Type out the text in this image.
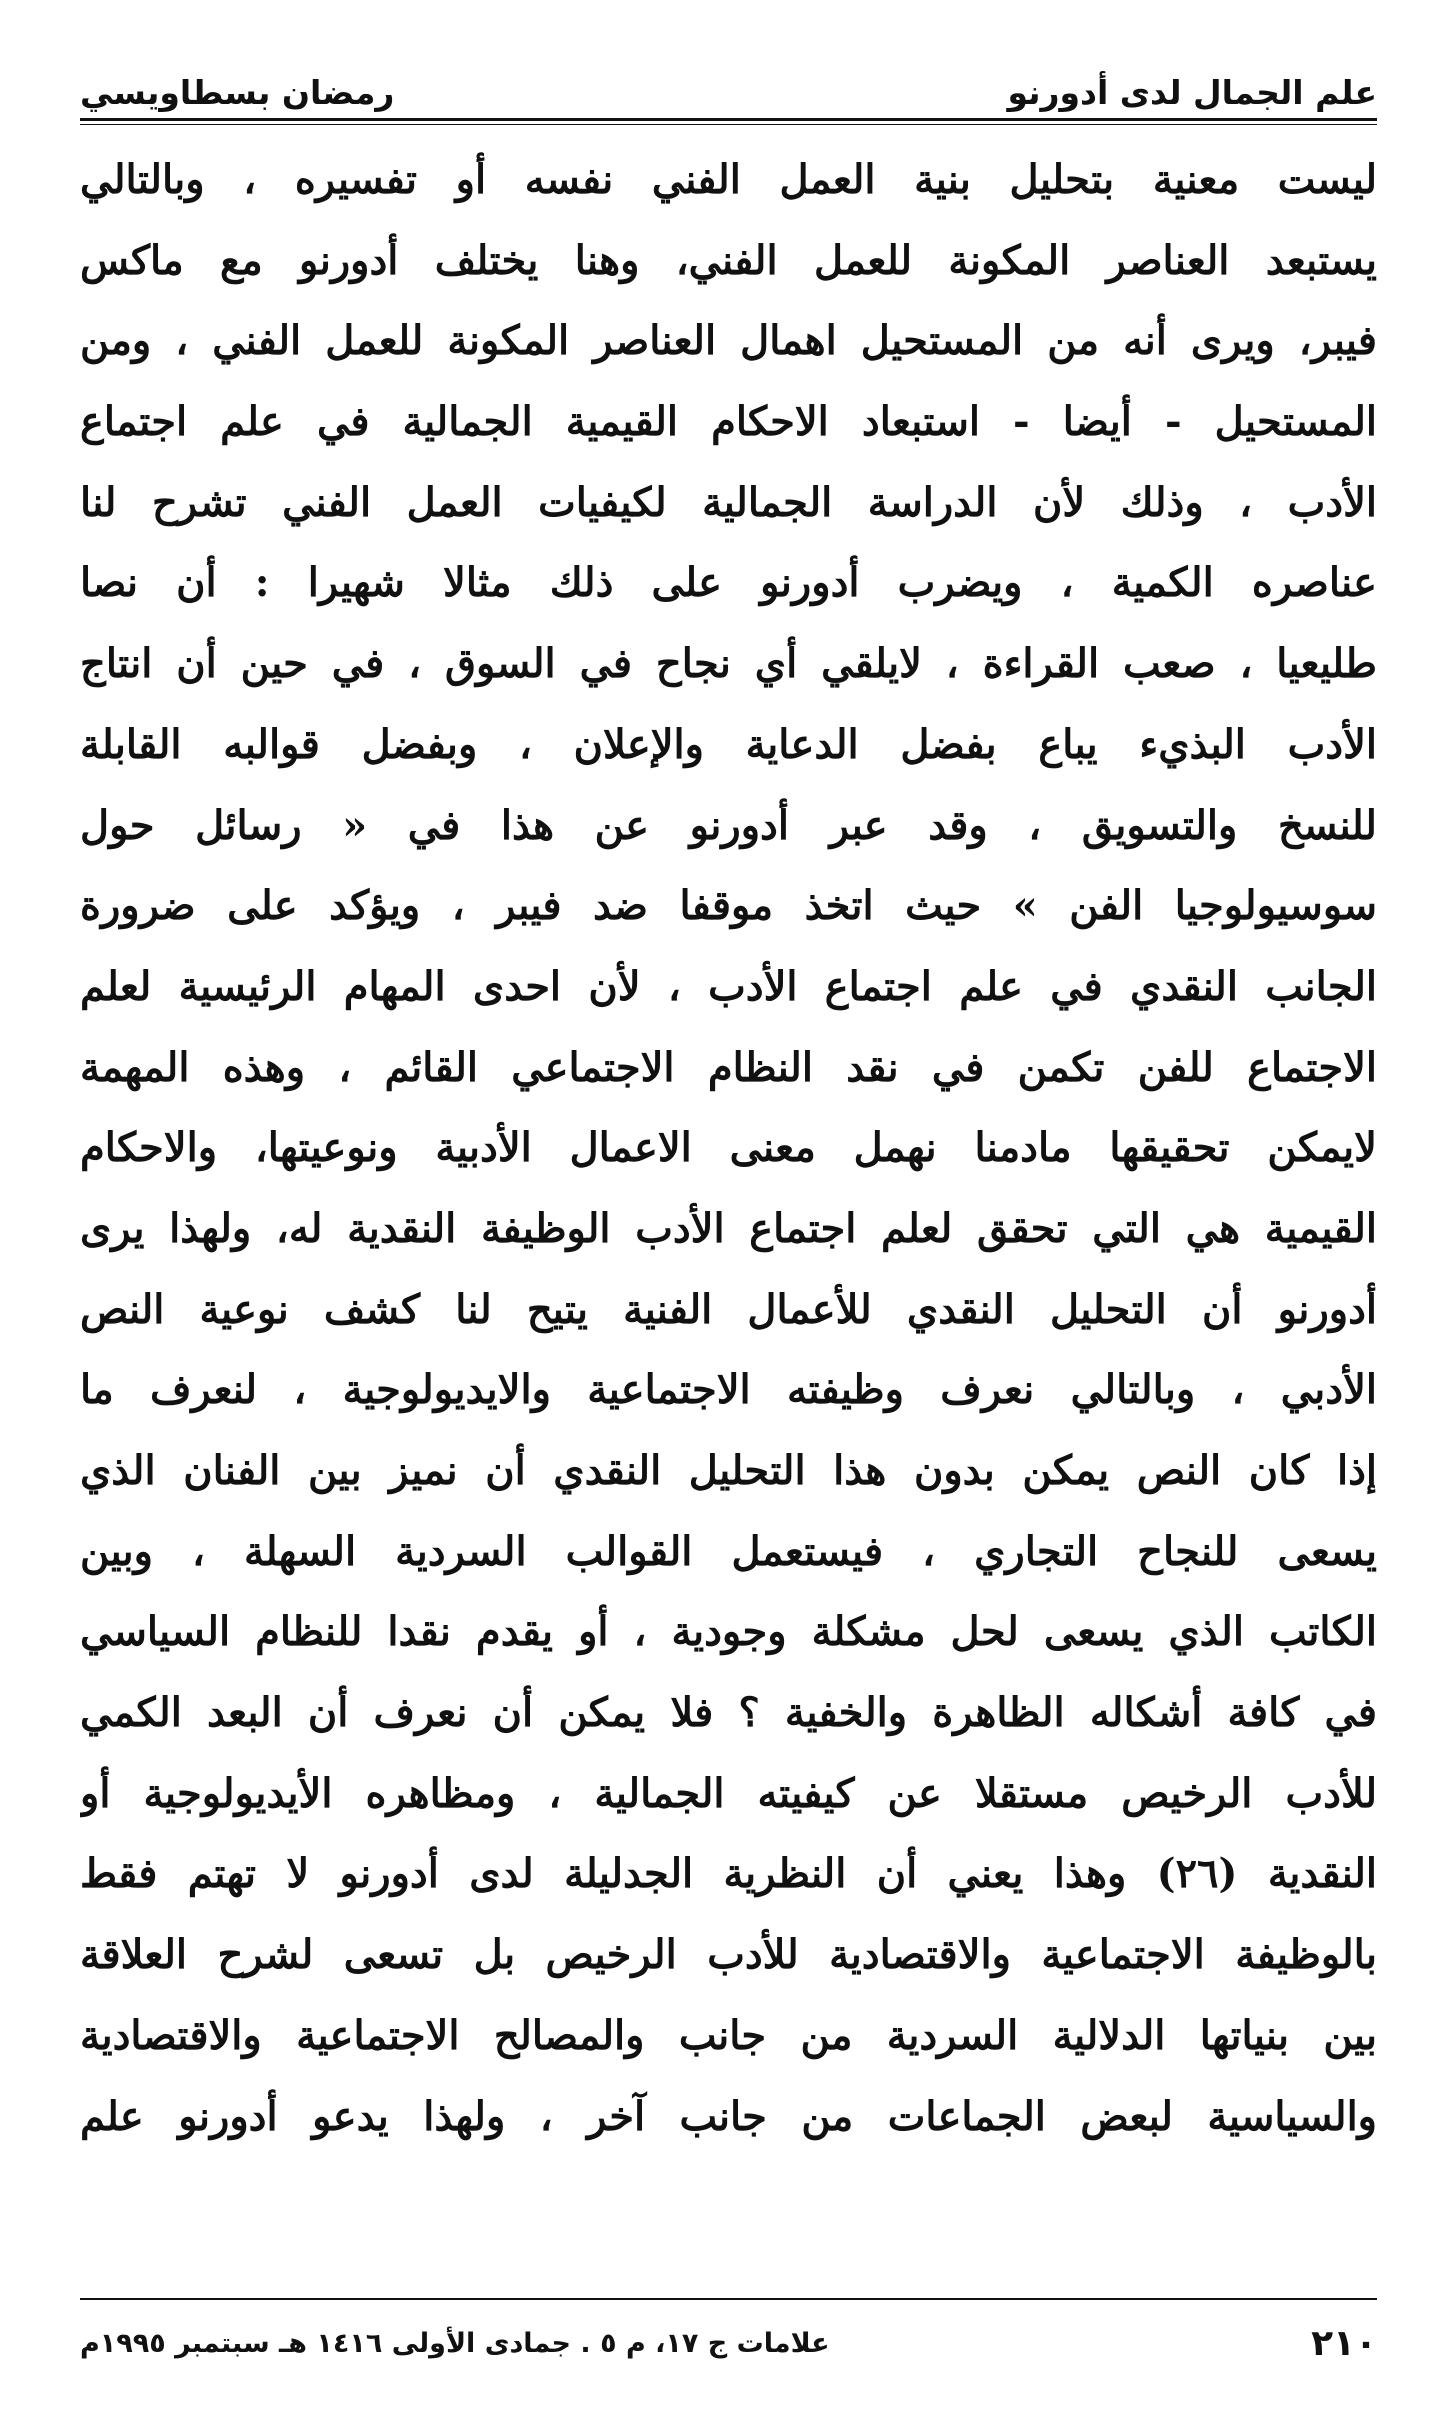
علم الجمال لدى أدورنو
رمضان بسطاويسي
ليست معنية بتحليل بنية العمل الفني نفسه أو تفسيره ، وبالتالي
يستبعد العناصر المكونة للعمل الفني، وهنا يختلف أدورنو مع ماكس
فيبر، ويرى أنه من المستحيل اهمال العناصر المكونة للعمل الفني ، ومن
المستحيل - أيضا - استبعاد الاحكام القيمية الجمالية في علم اجتماع
الأدب ، وذلك لأن الدراسة الجمالية لكيفيات العمل الفني تشرح لنا
عناصره الكمية ، ويضرب أدورنو على ذلك مثالا شهيرا : أن نصا
طليعيا ، صعب القراءة ، لايلقي أي نجاح في السوق ، في حين أن انتاج
الأدب البذيء يباع بفضل الدعاية والإعلان ، وبفضل قوالبه القابلة
للنسخ والتسويق ، وقد عبر أدورنو عن هذا في « رسائل حول
سوسيولوجيا الفن » حيث اتخذ موقفا ضد فيبر ، ويؤكد على ضرورة
الجانب النقدي في علم اجتماع الأدب ، لأن احدى المهام الرئيسية لعلم
الاجتماع للفن تكمن في نقد النظام الاجتماعي القائم ، وهذه المهمة
لايمكن تحقيقها مادمنا نهمل معنى الاعمال الأدبية ونوعيتها، والاحكام
القيمية هي التي تحقق لعلم اجتماع الأدب الوظيفة النقدية له، ولهذا يرى
أدورنو أن التحليل النقدي للأعمال الفنية يتيح لنا كشف نوعية النص
الأدبي ، وبالتالي نعرف وظيفته الاجتماعية والايديولوجية ، لنعرف ما
إذا كان النص يمكن بدون هذا التحليل النقدي أن نميز بين الفنان الذي
يسعى للنجاح التجاري ، فيستعمل القوالب السردية السهلة ، وبين
الكاتب الذي يسعى لحل مشكلة وجودية ، أو يقدم نقدا للنظام السياسي
في كافة أشكاله الظاهرة والخفية ؟ فلا يمكن أن نعرف أن البعد الكمي
للأدب الرخيص مستقلا عن كيفيته الجمالية ، ومظاهره الأيديولوجية أو
النقدية (٢٦) وهذا يعني أن النظرية الجدليلة لدى أدورنو لا تهتم فقط
بالوظيفة الاجتماعية والاقتصادية للأدب الرخيص بل تسعى لشرح العلاقة
بين بنياتها الدلالية السردية من جانب والمصالح الاجتماعية والاقتصادية
والسياسية لبعض الجماعات من جانب آخر ، ولهذا يدعو أدورنو علم
٢١٠
علامات ج ١٧، م ٥ . جمادى الأولى ١٤١٦ هـ سبتمبر ١٩٩٥م
